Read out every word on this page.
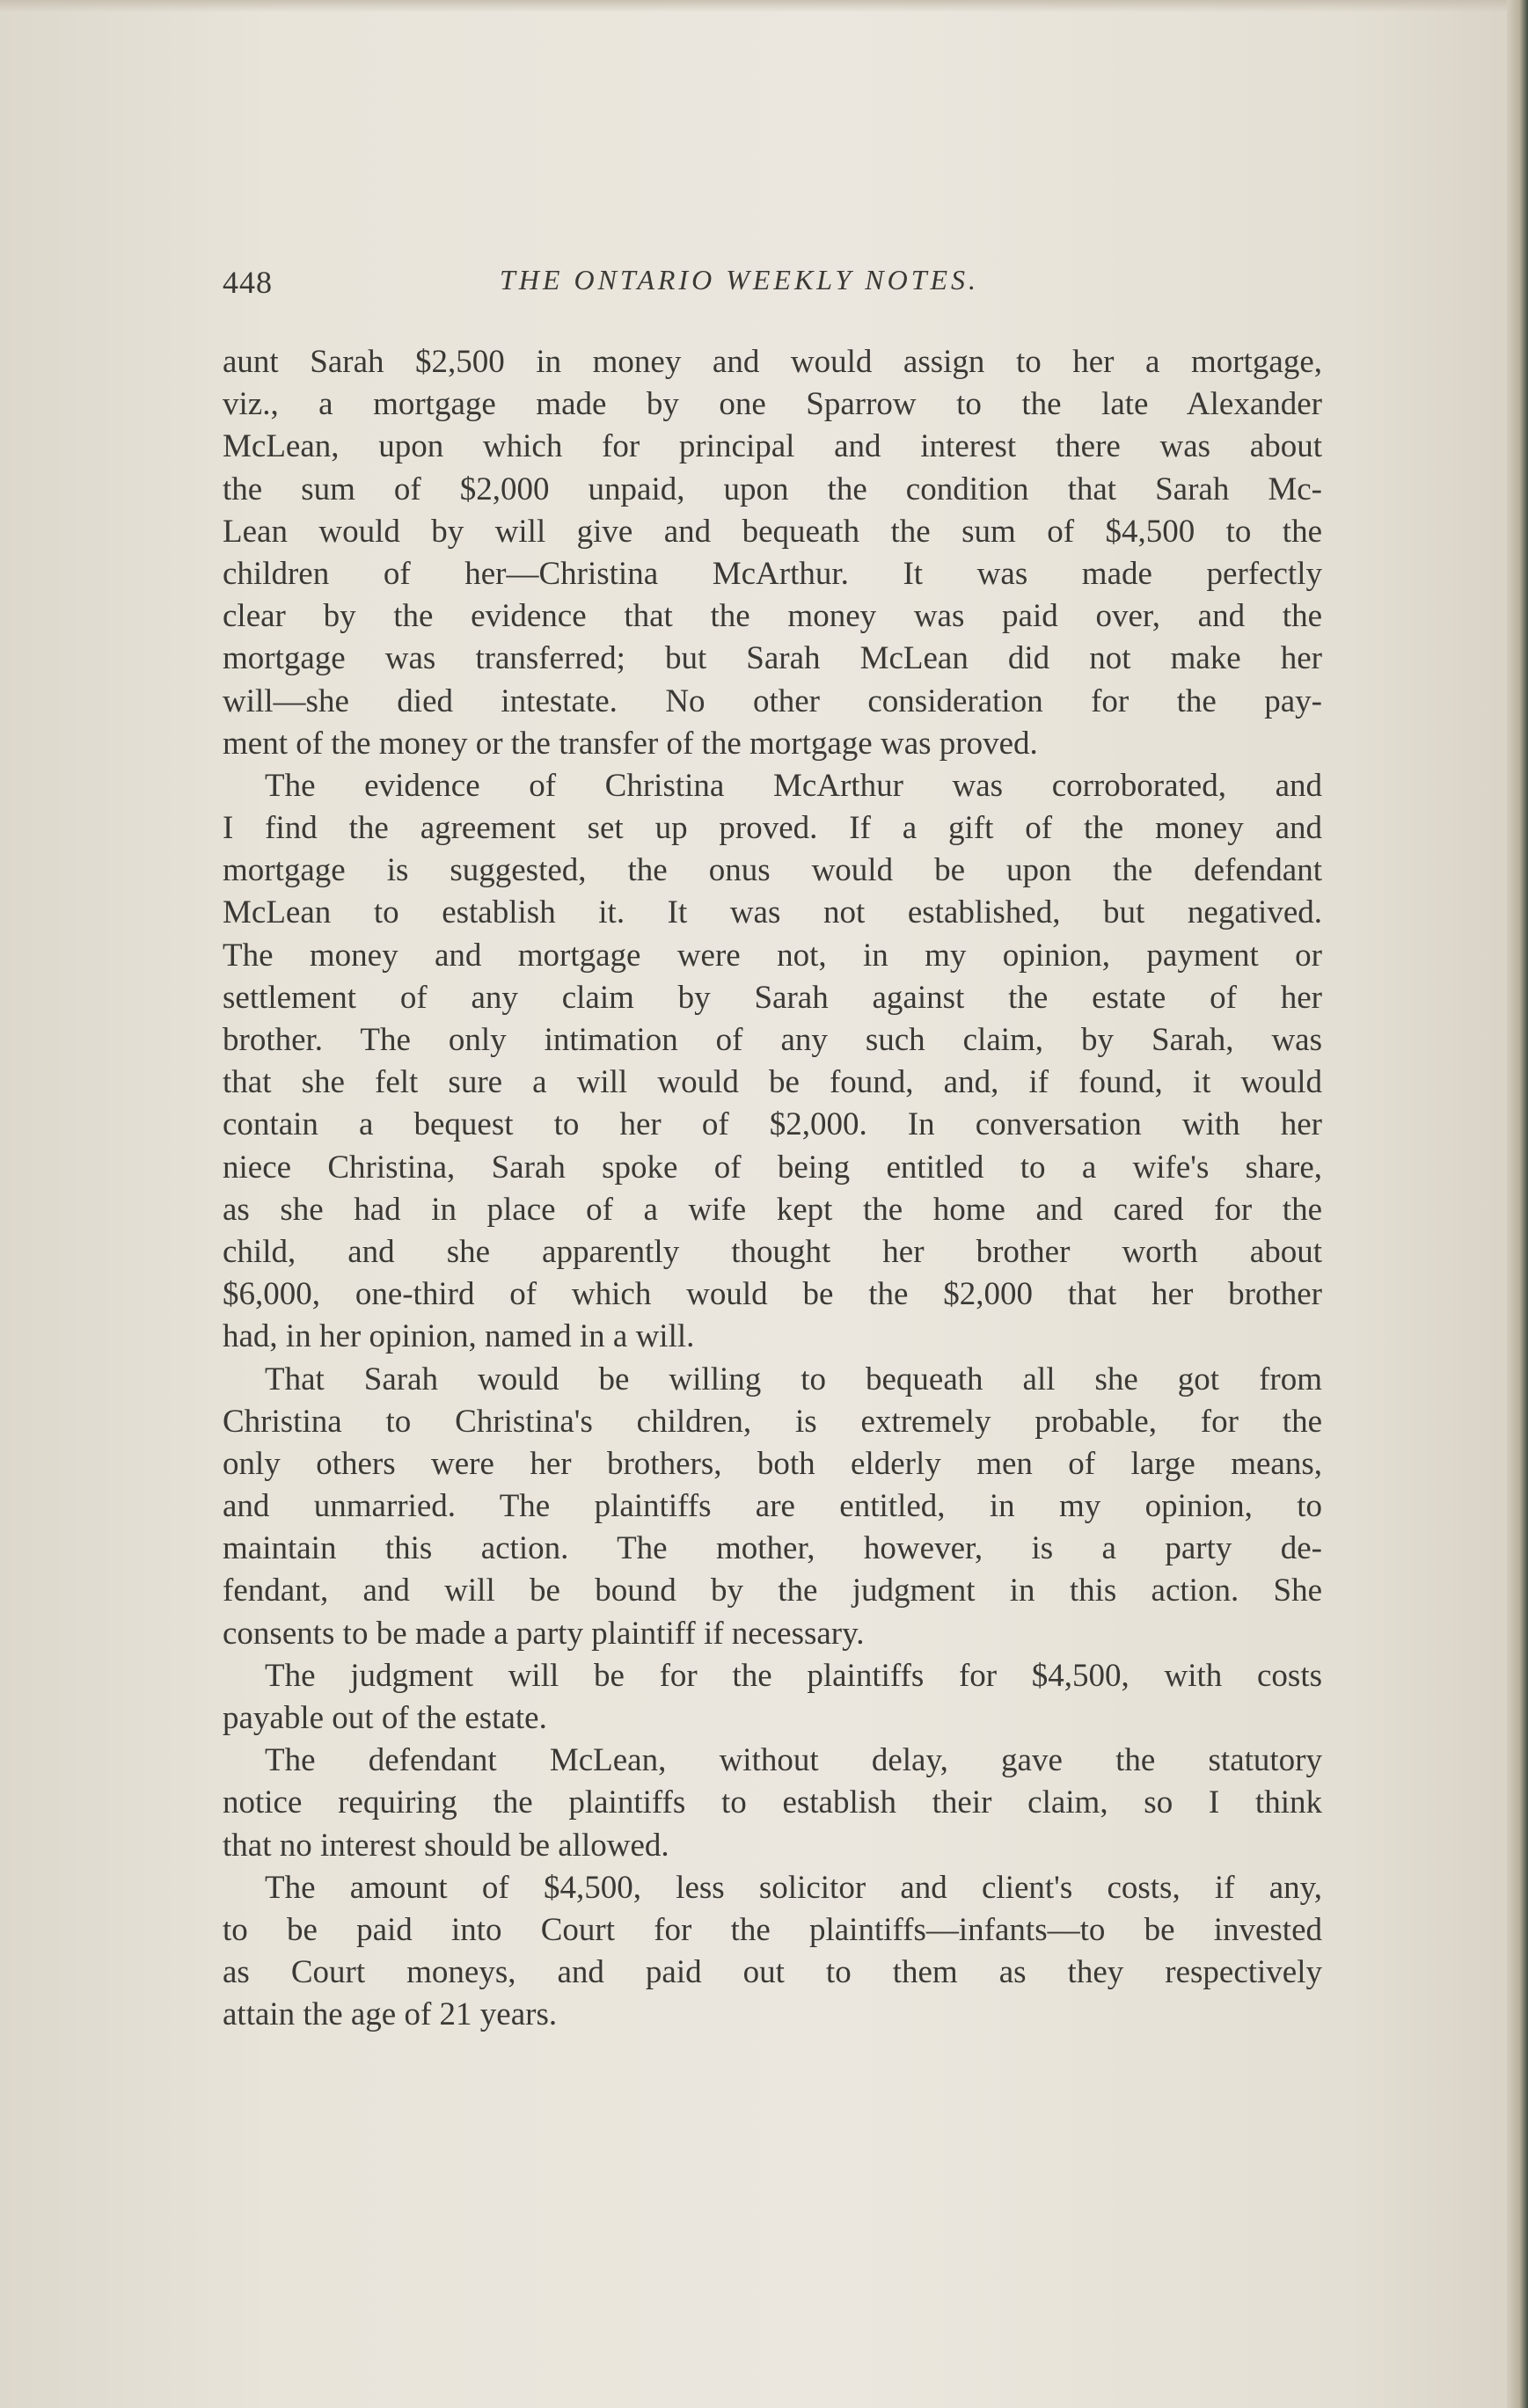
448	THE ONTARIO WEEKLY NOTES.
aunt Sarah $2,500 in money and would assign to her a mortgage,
viz., a mortgage made by one Sparrow to the late Alexander
McLean, upon which for principal and interest there was about
the sum of $2,000 unpaid, upon the condition that Sarah Mc-
Lean would by will give and bequeath the sum of $4,500 to the
children of her—Christina McArthur. It was made perfectly
clear by the evidence that the money was paid over, and the
mortgage was transferred; but Sarah McLean did not make her
will—she died intestate. No other consideration for the pay-
ment of the money or the transfer of the mortgage was proved.
The evidence of Christina McArthur was corroborated, and
I find the agreement set up proved. If a gift of the money and
mortgage is suggested, the onus would be upon the defendant
McLean to establish it. It was not established, but negatived.
The money and mortgage were not, in my opinion, payment or
settlement of any claim by Sarah against the estate of her
brother. The only intimation of any such claim, by Sarah, was
that she felt sure a will would be found, and, if found, it would
contain a bequest to her of $2,000. In conversation with her
niece Christina, Sarah spoke of being entitled to a wife's share,
as she had in place of a wife kept the home and cared for the
child, and she apparently thought her brother worth about
$6,000, one-third of which would be the $2,000 that her brother
had, in her opinion, named in a will.
That Sarah would be willing to bequeath all she got from
Christina to Christina's children, is extremely probable, for the
only others were her brothers, both elderly men of large means,
and unmarried. The plaintiffs are entitled, in my opinion, to
maintain this action. The mother, however, is a party de-
fendant, and will be bound by the judgment in this action. She
consents to be made a party plaintiff if necessary.
The judgment will be for the plaintiffs for $4,500, with costs
payable out of the estate.
The defendant McLean, without delay, gave the statutory
notice requiring the plaintiffs to establish their claim, so I think
that no interest should be allowed.
The amount of $4,500, less solicitor and client's costs, if any,
to be paid into Court for the plaintiffs—infants—to be invested
as Court moneys, and paid out to them as they respectively
attain the age of 21 years.
